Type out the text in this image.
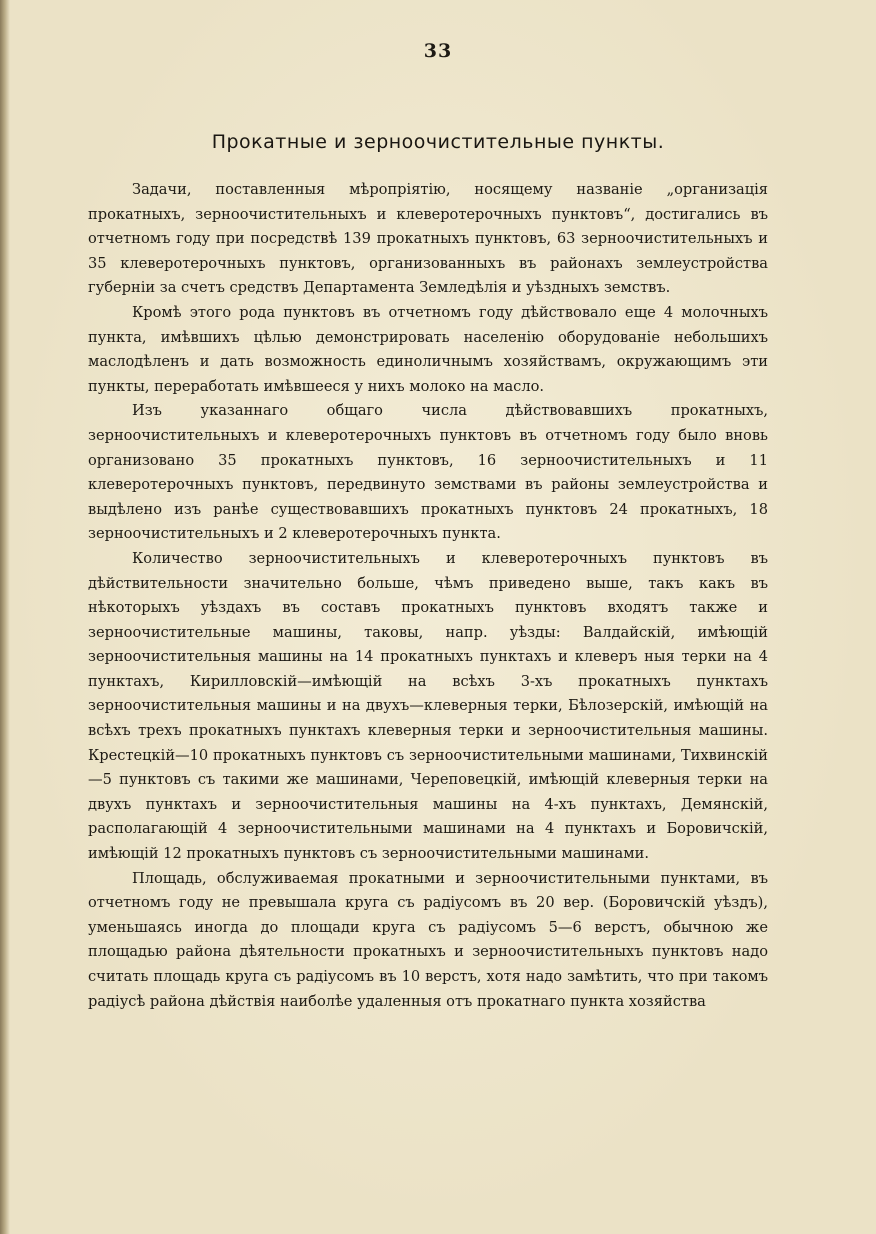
33
Прокатные и зерноочистительные пункты.

Задачи, поставленныя мѣропріятію, носящему названіе „организація прокатныхъ, зерноочистительныхъ и клеверотерочныхъ пунктовъ“, достигались въ отчетномъ году при посредствѣ 139 прокатныхъ пунктовъ, 63 зерноочистительныхъ и 35 клеверотерочныхъ пунктовъ, организованныхъ въ районахъ землеустройства губерніи за счетъ средствъ Департамента Земледѣлія и уѣздныхъ земствъ.

Кромѣ этого рода пунктовъ въ отчетномъ году дѣйствовало еще 4 молочныхъ пункта, имѣвшихъ цѣлью демонстрировать населенію оборудованіе небольшихъ маслодѣленъ и дать возможность единоличнымъ хозяйствамъ, окружающимъ эти пункты, переработать имѣвшееся у нихъ молоко на масло.

Изъ указаннаго общаго числа дѣйствовавшихъ прокатныхъ, зерноочистительныхъ и клеверотерочныхъ пунктовъ въ отчетномъ году было вновь организовано 35 прокатныхъ пунктовъ, 16 зерноочистительныхъ и 11 клеверотерочныхъ пунктовъ, передвинуто земствами въ районы землеустройства и выдѣлено изъ ранѣе существовавшихъ прокатныхъ пунктовъ 24 прокатныхъ, 18 зерноочистительныхъ и 2 клеверотерочныхъ пункта.

Количество зерноочистительныхъ и клеверотерочныхъ пунктовъ въ дѣйствительности значительно больше, чѣмъ приведено выше, такъ какъ въ нѣкоторыхъ уѣздахъ въ составъ прокатныхъ пунктовъ входятъ также и зерноочистительные машины, таковы, напр. уѣзды: Валдайскій, имѣющій зерноочистительныя машины на 14 прокатныхъ пунктахъ и клеверъ ныя терки на 4 пунктахъ, Кирилловскій—имѣющій на всѣхъ 3-хъ прокатныхъ пунктахъ зерноочистительныя машины и на двухъ—клеверныя терки, Бѣлозерскій, имѣющій на всѣхъ трехъ прокатныхъ пунктахъ клеверныя терки и зерноочистительныя машины. Крестецкій—10 прокатныхъ пунктовъ съ зерноочистительными машинами, Тихвинскій—5 пунктовъ съ такими же машинами, Череповецкій, имѣющій клеверныя терки на двухъ пунктахъ и зерноочистительныя машины на 4-хъ пунктахъ, Демянскій, располагающій 4 зерноочистительными машинами на 4 пунктахъ и Боровичскій, имѣющій 12 прокатныхъ пунктовъ съ зерноочистительными машинами.

Площадь, обслуживаемая прокатными и зерноочистительными пунктами, въ отчетномъ году не превышала круга съ радіусомъ въ 20 вер. (Боровичскій уѣздъ), уменьшаясь иногда до площади круга съ радіусомъ 5—6 верстъ, обычною же площадью района дѣятельности прокатныхъ и зерноочистительныхъ пунктовъ надо считать площадь круга съ радіусомъ въ 10 верстъ, хотя надо замѣтить, что при такомъ радіусѣ района дѣйствія наиболѣе удаленныя отъ прокатнаго пункта хозяйства
